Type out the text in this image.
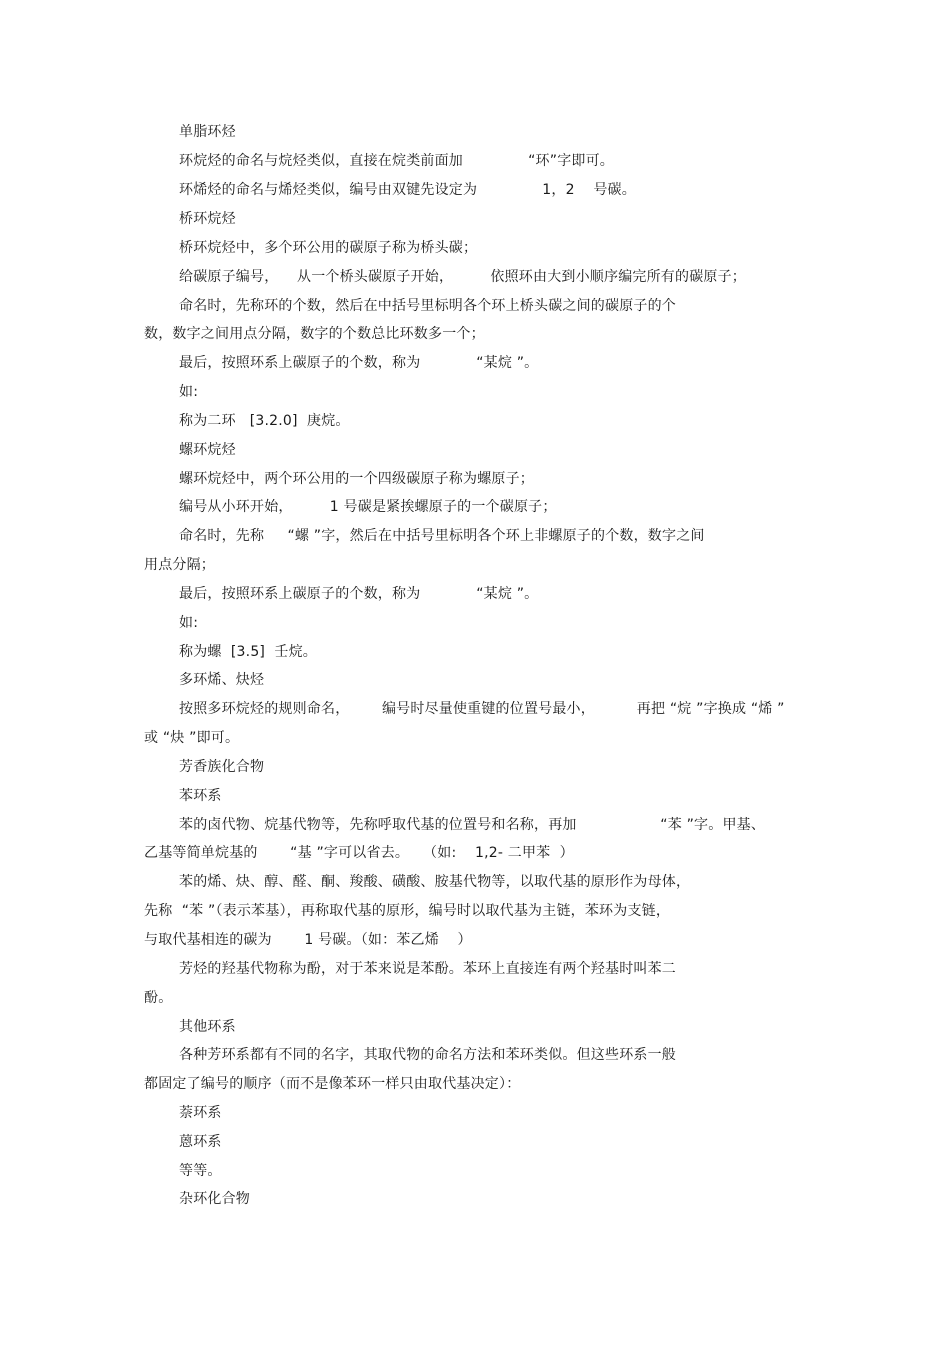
单脂环烃
环烷烃的命名与烷烃类似，直接在烷类前面加              “环”字即可。
环烯烃的命名与烯烃类似，编号由双键先设定为              1，2    号碳。
桥环烷烃
桥环烷烃中，多个环公用的碳原子称为桥头碳；
给碳原子编号，    从一个桥头碳原子开始，        依照环由大到小顺序编完所有的碳原子；
命名时，先称环的个数，然后在中括号里标明各个环上桥头碳之间的碳原子的个
数，数字之间用点分隔，数字的个数总比环数多一个；
最后，按照环系上碳原子的个数，称为            “某烷 ”。
如:
称为二环   [3.2.0]  庚烷。
螺环烷烃
螺环烷烃中，两个环公用的一个四级碳原子称为螺原子；
编号从小环开始，        1 号碳是紧挨螺原子的一个碳原子；
命名时，先称     “螺 ”字，然后在中括号里标明各个环上非螺原子的个数，数字之间
用点分隔；
最后，按照环系上碳原子的个数，称为            “某烷 ”。
如:
称为螺  [3.5]  壬烷。
多环烯、炔烃
按照多环烷烃的规则命名，       编号时尽量使重键的位置号最小，         再把 “烷 ”字换成 “烯 ”
或 “炔 ”即可。
芳香族化合物
苯环系
苯的卤代物、烷基代物等，先称呼取代基的位置号和名称，再加                  “苯 ”字。甲基、
乙基等简单烷基的       “基 ”字可以省去。   （如:    1,2- 二甲苯  ）
苯的烯、炔、醇、醛、酮、羧酸、磺酸、胺基代物等，以取代基的原形作为母体，
先称  “苯 ”（表示苯基），再称取代基的原形，编号时以取代基为主链，苯环为支链，
与取代基相连的碳为       1 号碳。（如：苯乙烯    ）
芳烃的羟基代物称为酚，对于苯来说是苯酚。苯环上直接连有两个羟基时叫苯二
酚。
其他环系
各种芳环系都有不同的名字，其取代物的命名方法和苯环类似。但这些环系一般
都固定了编号的顺序（而不是像苯环一样只由取代基决定）：
萘环系
蒽环系
等等。
杂环化合物
